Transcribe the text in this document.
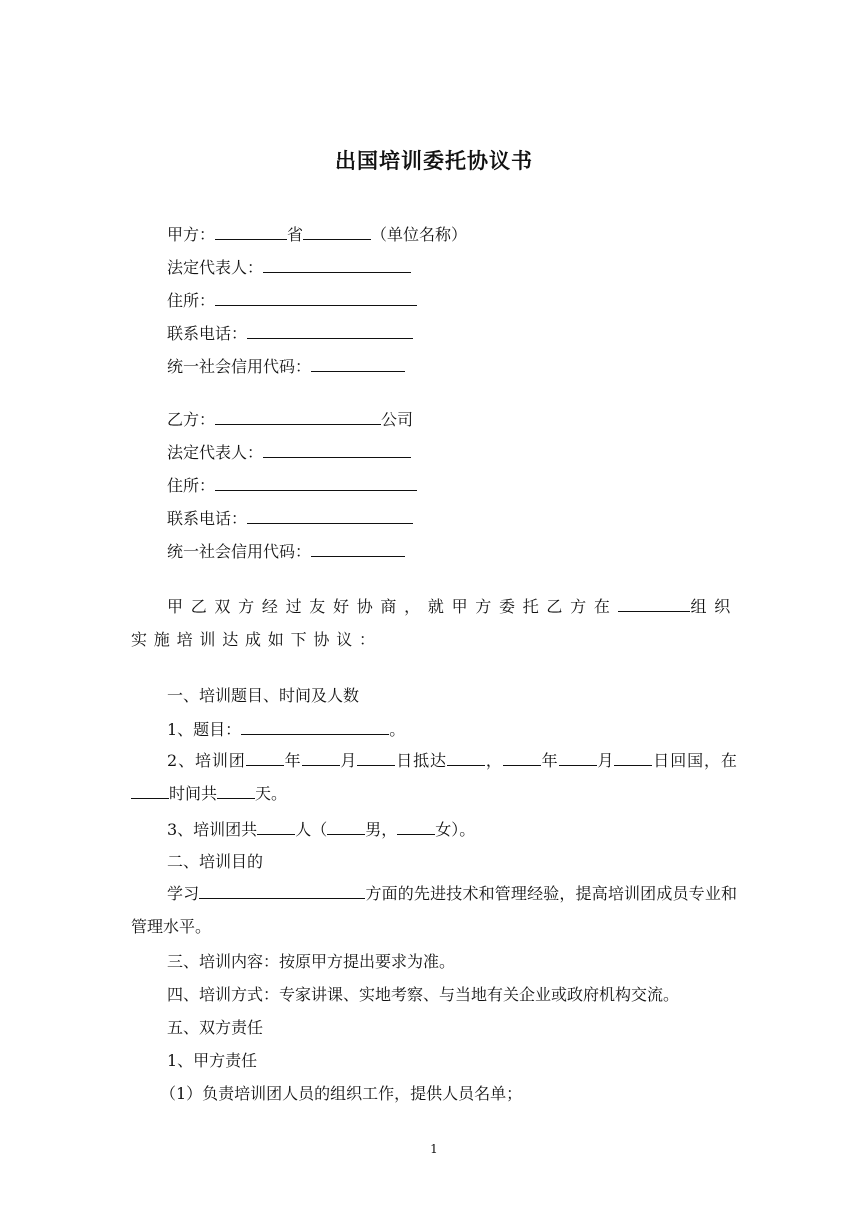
出国培训委托协议书
甲方：	省	（单位名称）
法定代表人：
住所：
联系电话：
统一社会信用代码：
乙方：	公司
法定代表人：
住所：
联系电话：
统一社会信用代码：
甲乙双方经过友好协商，就甲方委托乙方在	组织实施培训达成如下协议：
一、培训题目、时间及人数
1、题目：	。
2、培训团 年 月 日抵达 ， 年 月 日回国，在时间共 天。
3、培训团共 人（ 男， 女）。
二、培训目的
学习	方面的先进技术和管理经验，提高培训团成员专业和管理水平。
三、培训内容：按原甲方提出要求为准。
四、培训方式：专家讲课、实地考察、与当地有关企业或政府机构交流。
五、双方责任
1、甲方责任
（1）负责培训团人员的组织工作，提供人员名单；
1
